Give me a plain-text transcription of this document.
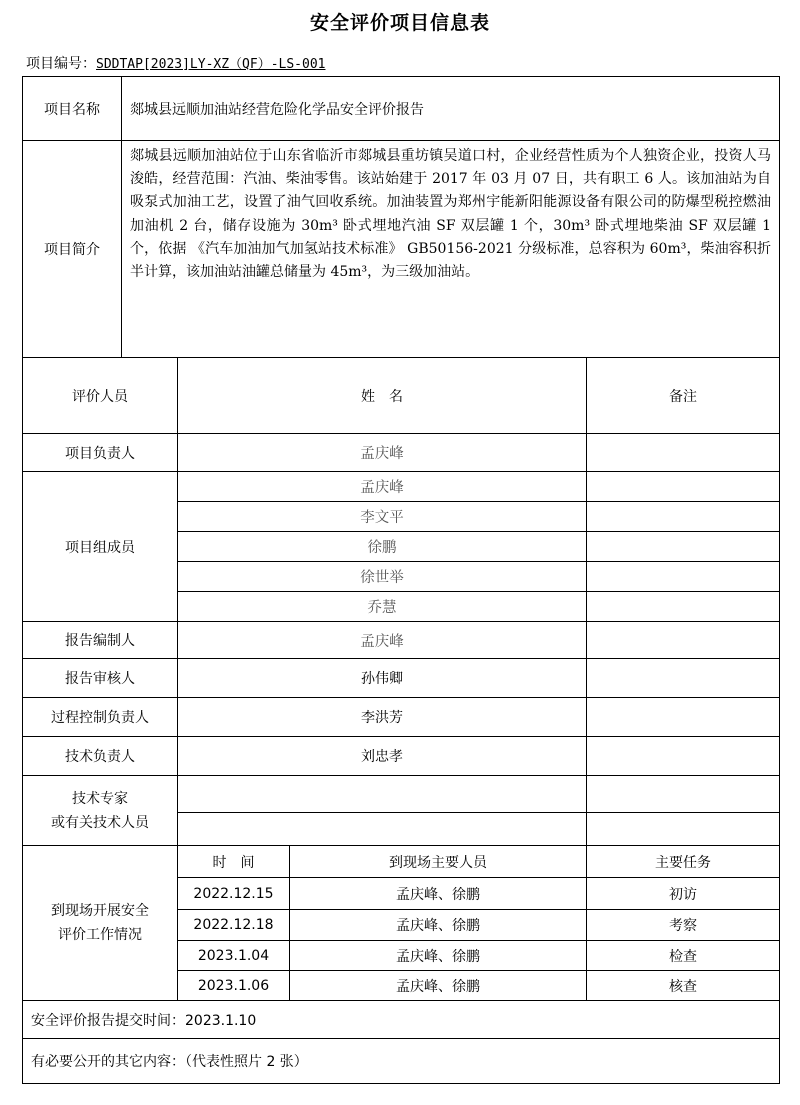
安全评价项目信息表
项目编号：SDDTAP[2023]LY-XZ（QF）-LS-001
项目名称	郯城县远顺加油站经营危险化学品安全评价报告			
项目简介	郯城县远顺加油站位于山东省临沂市郯城县重坊镇吴道口村，企业经营性质为个人独资企业，投资人马浚皓，经营范围：汽油、柴油零售。该站始建于 2017 年 03 月 07 日，共有职工 6 人。该加油站为自吸泵式加油工艺，设置了油气回收系统。加油装置为郑州宇能新阳能源设备有限公司的防爆型税控燃油加油机 2 台，储存设施为 30m³ 卧式埋地汽油 SF 双层罐 1 个，30m³ 卧式埋地柴油 SF 双层罐 1 个，依据 《汽车加油加气加氢站技术标准》 GB50156-2021 分级标准，总容积为 60m³，柴油容积折半计算，该加油站油罐总储量为 45m³，为三级加油站。			
评价人员		姓　名		备注
项目负责人		孟庆峰		
项目组成员		孟庆峰		
		李文平		
		徐鹏		
		徐世举		
		乔慧		
报告编制人		孟庆峰		
报告审核人		孙伟卿		
过程控制负责人		李洪芳		
技术负责人		刘忠孝		
技术专家
或有关技术人员				

到现场开展安全
评价工作情况		时　间	到现场主要人员	主要任务
		2022.12.15	孟庆峰、徐鹏	初访
		2022.12.18	孟庆峰、徐鹏	考察
		2023.1.04	孟庆峰、徐鹏	检查
		2023.1.06	孟庆峰、徐鹏	核查
安全评价报告提交时间：2023.1.10				
有必要公开的其它内容：（代表性照片 2 张）				
